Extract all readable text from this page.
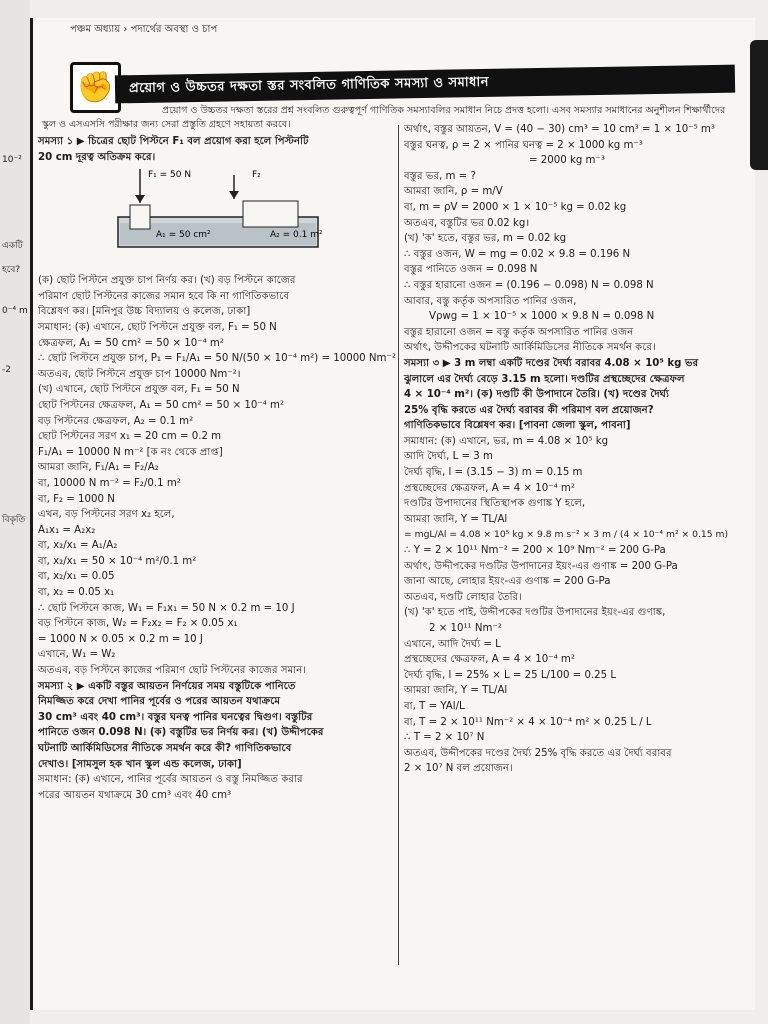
10⁻²
একটি
হবে?
0⁻⁴ m
-2
বিকৃতি
পঞ্চম অধ্যায় › পদার্থের অবস্থা ও চাপ
✊	প্রয়োগ ও উচ্চতর দক্ষতা স্তর সংবলিত গাণিতিক সমস্যা ও সমাধান
প্রয়োগ ও উচ্চতর দক্ষতা স্তরের প্রশ্ন সংবলিত গুরুত্বপূর্ণ গাণিতিক সমস্যাবলির সমাধান নিচে প্রদত্ত হলো। এসব সমস্যার সমাধানের অনুশীলন শিক্ষার্থীদের স্কুল ও এসএসসি পরীক্ষার জন্য সেরা প্রস্তুতি গ্রহণে সহায়তা করবে।

সমস্যা ১ ▶ চিত্রের ছোট পিস্টনে F₁ বল প্রয়োগ করা হলে পিস্টনটি

20 cm দূরত্ব অতিক্রম করে।

F₁ = 50 N	F₂
A₁ = 50 cm²	A₂ = 0.1 m²

(ক) ছোট পিস্টনে প্রযুক্ত চাপ নির্ণয় কর। (খ) বড় পিস্টনে কাজের

পরিমাণ ছোট পিস্টনের কাজের সমান হবে কি না গাণিতিকভাবে

বিশ্লেষণ কর। [মনিপুর উচ্চ বিদ্যালয় ও কলেজ, ঢাকা]

সমাধান: (ক) এখানে, ছোট পিস্টনে প্রযুক্ত বল, F₁ = 50 N

ক্ষেত্রফল, A₁ = 50 cm² = 50 × 10⁻⁴ m²

∴ ছোট পিস্টনে প্রযুক্ত চাপ, P₁ = F₁/A₁ = 50 N/(50 × 10⁻⁴ m²) = 10000 Nm⁻²

অতএব, ছোট পিস্টনে প্রযুক্ত চাপ 10000 Nm⁻²।

(খ) এখানে, ছোট পিস্টনে প্রযুক্ত বল, F₁ = 50 N

ছোট পিস্টনের ক্ষেত্রফল, A₁ = 50 cm² = 50 × 10⁻⁴ m²

বড় পিস্টনের ক্ষেত্রফল, A₂ = 0.1 m²

ছোট পিস্টনের সরণ x₁ = 20 cm = 0.2 m

F₁/A₁ = 10000 N m⁻² [ক নং থেকে প্রাপ্ত]

আমরা জানি, F₁/A₁ = F₂/A₂

বা, 10000 N m⁻² = F₂/0.1 m²

বা, F₂ = 1000 N

এখন, বড় পিস্টনের সরণ x₂ হলে,

A₁x₁ = A₂x₂

বা, x₂/x₁ = A₁/A₂

বা, x₂/x₁ = 50 × 10⁻⁴ m²/0.1 m²

বা, x₂/x₁ = 0.05

বা, x₂ = 0.05 x₁

∴ ছোট পিস্টনে কাজ, W₁ = F₁x₁ = 50 N × 0.2 m = 10 J

বড় পিস্টনে কাজ, W₂ = F₂x₂ = F₂ × 0.05 x₁

= 1000 N × 0.05 × 0.2 m = 10 J

এখানে, W₁ = W₂

অতএব, বড় পিস্টনে কাজের পরিমাণ ছোট পিস্টনের কাজের সমান।

সমস্যা ২ ▶ একটি বস্তুর আয়তন নির্ণয়ের সময় বস্তুটিকে পানিতে

নিমজ্জিত করে দেখা পানির পূর্বের ও পরের আয়তন যথাক্রমে

30 cm³ এবং 40 cm³। বস্তুর ঘনত্ব পানির ঘনত্বের দ্বিগুণ। বস্তুটির

পানিতে ওজন 0.098 N। (ক) বস্তুটির ভর নির্ণয় কর। (খ) উদ্দীপকের

ঘটনাটি আর্কিমিডিসের নীতিকে সমর্থন করে কী? গাণিতিকভাবে

দেখাও। [সামসুল হক খান স্কুল এন্ড কলেজ, ঢাকা]

সমাধান: (ক) এখানে, পানির পূর্বের আয়তন ও বস্তু নিমজ্জিত করার

পরের আয়তন যথাক্রমে 30 cm³ এবং 40 cm³

অর্থাৎ, বস্তুর আয়তন, V = (40 − 30) cm³ = 10 cm³ = 1 × 10⁻⁵ m³

বস্তুর ঘনত্ব, ρ = 2 × পানির ঘনত্ব = 2 × 1000 kg m⁻³

= 2000 kg m⁻³

বস্তুর ভর, m = ?

আমরা জানি, ρ = m/V

বা, m = ρV = 2000 × 1 × 10⁻⁵ kg = 0.02 kg

অতএব, বস্তুটির ভর 0.02 kg।

(খ) 'ক' হতে, বস্তুর ভর, m = 0.02 kg

∴ বস্তুর ওজন, W = mg = 0.02 × 9.8 = 0.196 N

বস্তুর পানিতে ওজন = 0.098 N

∴ বস্তুর হারানো ওজন = (0.196 − 0.098) N = 0.098 N

আবার, বস্তু কর্তৃক অপসারিত পানির ওজন,

Vρwg = 1 × 10⁻⁵ × 1000 × 9.8 N = 0.098 N

বস্তুর হারানো ওজন = বস্তু কর্তৃক অপসারিত পানির ওজন

অর্থাৎ, উদ্দীপকের ঘটনাটি আর্কিমিডিসের নীতিকে সমর্থন করে।

সমস্যা ৩ ▶ 3 m লম্বা একটি দণ্ডের দৈর্ঘ্য বরাবর 4.08 × 10⁵ kg ভর

ঝুলালে এর দৈর্ঘ্য বেড়ে 3.15 m হলো। দণ্ডটির প্রস্থচ্ছেদের ক্ষেত্রফল

4 × 10⁻⁴ m²। (ক) দণ্ডটি কী উপাদানে তৈরি। (খ) দণ্ডের দৈর্ঘ্য

25% বৃদ্ধি করতে এর দৈর্ঘ্য বরাবর কী পরিমাণ বল প্রয়োজন?

গাণিতিকভাবে বিশ্লেষণ কর। [পাবনা জেলা স্কুল, পাবনা]

সমাধান: (ক) এখানে, ভর, m = 4.08 × 10⁵ kg

আদি দৈর্ঘ্য, L = 3 m

দৈর্ঘ্য বৃদ্ধি, l = (3.15 − 3) m = 0.15 m

প্রস্থচ্ছেদের ক্ষেত্রফল, A = 4 × 10⁻⁴ m²

দণ্ডটির উপাদানের স্থিতিস্থাপক গুণাঙ্ক Y হলে,

আমরা জানি, Y = TL/Al

= mgL/Al = 4.08 × 10⁵ kg × 9.8 m s⁻² × 3 m / (4 × 10⁻⁴ m² × 0.15 m)

∴ Y = 2 × 10¹¹ Nm⁻² = 200 × 10⁹ Nm⁻² = 200 G-Pa

অর্থাৎ, উদ্দীপকের দণ্ডটির উপাদানের ইয়ং-এর গুণাঙ্ক = 200 G-Pa

জানা আছে, লোহার ইয়ং-এর গুণাঙ্ক = 200 G-Pa

অতএব, দণ্ডটি লোহার তৈরি।

(খ) 'ক' হতে পাই, উদ্দীপকের দণ্ডটির উপাদানের ইয়ং-এর গুণাঙ্ক,

2 × 10¹¹ Nm⁻²

এখানে, আদি দৈর্ঘ্য = L

প্রস্থচ্ছেদের ক্ষেত্রফল, A = 4 × 10⁻⁴ m²

দৈর্ঘ্য বৃদ্ধি, l = 25% × L = 25 L/100 = 0.25 L

আমরা জানি, Y = TL/Al

বা, T = YAl/L

বা, T = 2 × 10¹¹ Nm⁻² × 4 × 10⁻⁴ m² × 0.25 L / L

∴ T = 2 × 10⁷ N

অতএব, উদ্দীপকের দণ্ডের দৈর্ঘ্য 25% বৃদ্ধি করতে এর দৈর্ঘ্য বরাবর

2 × 10⁷ N বল প্রয়োজন।
